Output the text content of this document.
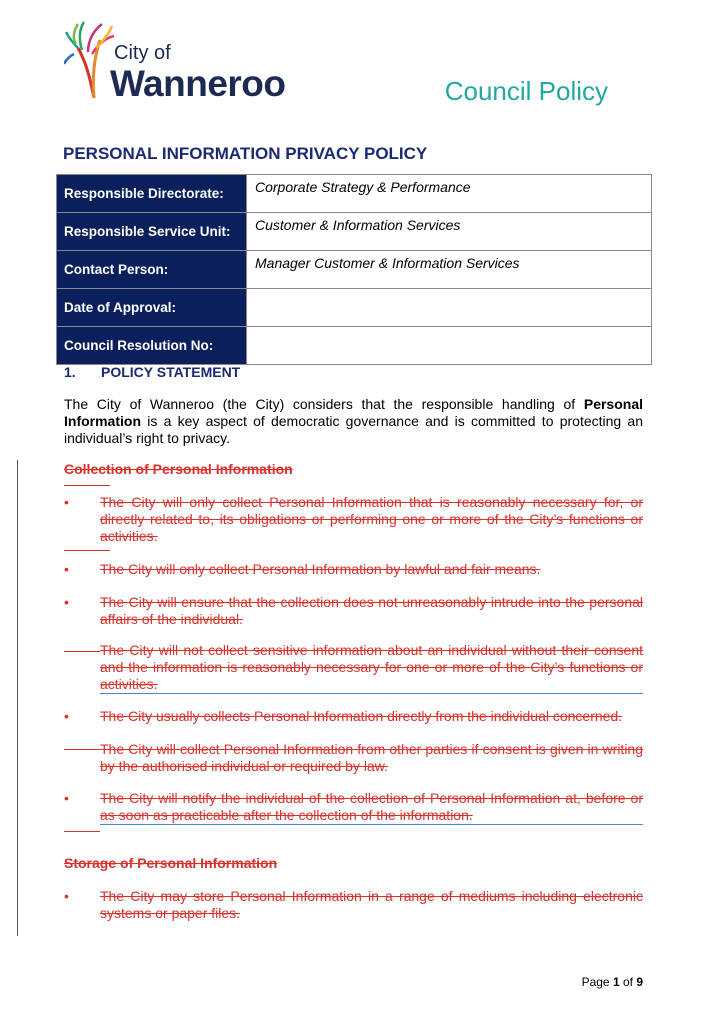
City of
Wanneroo	Council Policy
PERSONAL INFORMATION PRIVACY POLICY
Responsible Directorate:	Corporate Strategy & Performance
Responsible Service Unit:	Customer & Information Services
Contact Person:	Manager Customer & Information Services
Date of Approval:	
Council Resolution No:	
1. POLICY STATEMENT
The City of Wanneroo (the City) considers that the responsible handling of Personal Information is a key aspect of democratic governance and is committed to protecting an individual’s right to privacy.
Collection of Personal Information
•	The City will only collect Personal Information that is reasonably necessary for, or directly related to, its obligations or performing one or more of the City’s functions or activities.
•	The City will only collect Personal Information by lawful and fair means.
•	The City will ensure that the collection does not unreasonably intrude into the personal affairs of the individual.
The City will not collect sensitive information about an individual without their consent and the information is reasonably necessary for one or more of the City’s functions or activities.
•	The City usually collects Personal Information directly from the individual concerned.
The City will collect Personal Information from other parties if consent is given in writing by the authorised individual or required by law.
•	The City will notify the individual of the collection of Personal Information at, before or as soon as practicable after the collection of the information.
Storage of Personal Information
•	The City may store Personal Information in a range of mediums including electronic systems or paper files.
Page 1 of 9
